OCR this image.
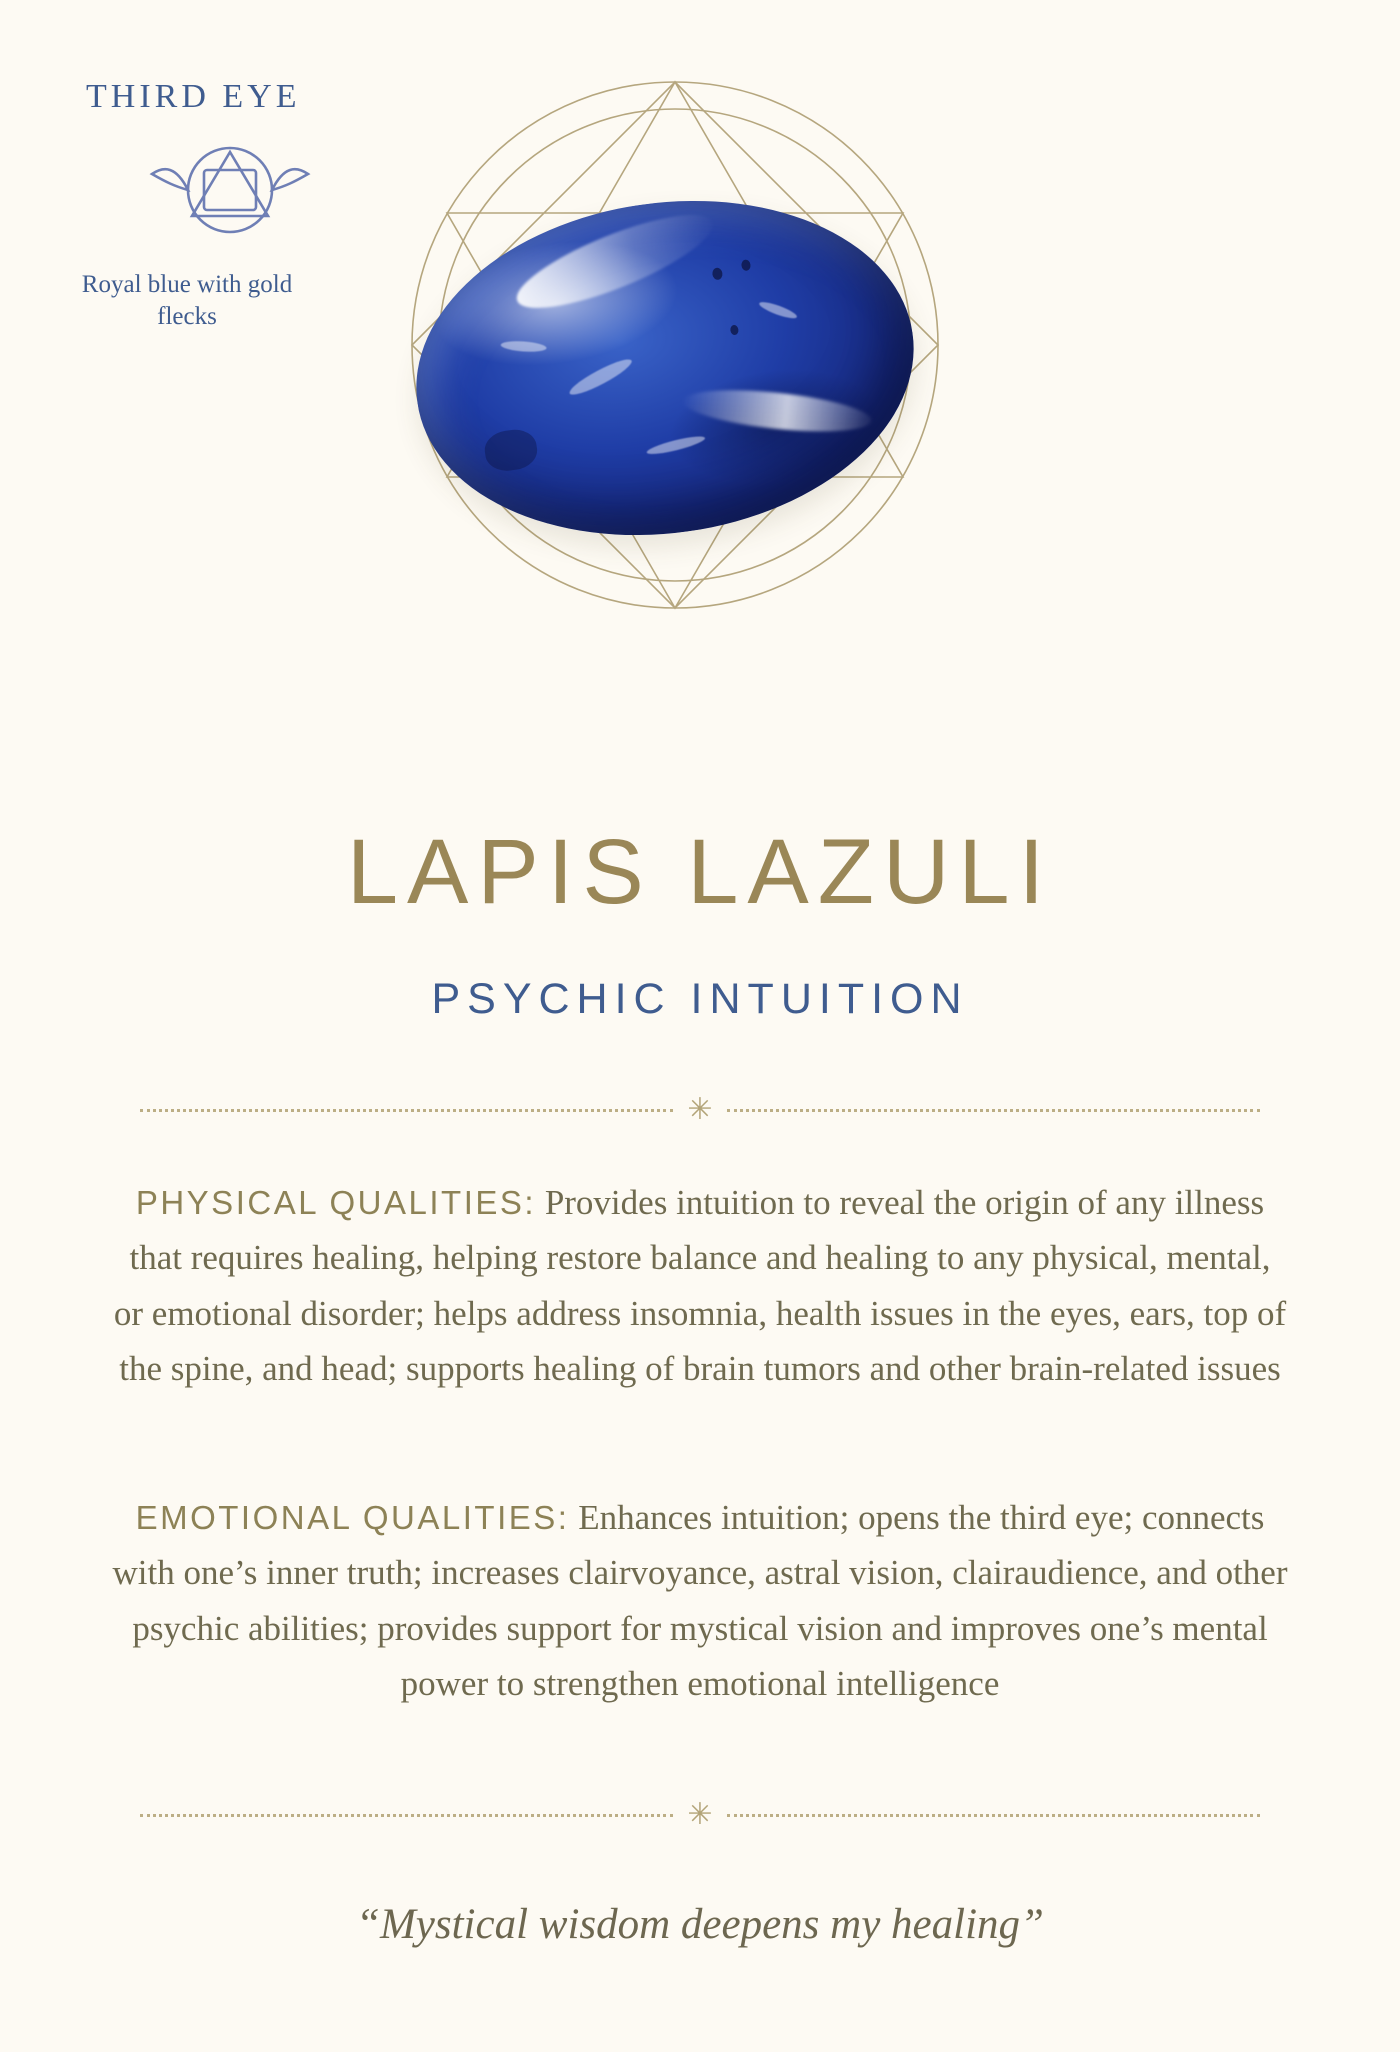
THIRD EYE
Royal blue with gold flecks
LAPIS LAZULI
PSYCHIC INTUITION
✳
PHYSICAL QUALITIES: Provides intuition to reveal the origin of any illness that requires healing, helping restore balance and healing to any physical, mental, or emotional disorder; helps address insomnia, health issues in the eyes, ears, top of the spine, and head; supports healing of brain tumors and other brain-related issues
EMOTIONAL QUALITIES: Enhances intuition; opens the third eye; connects with one’s inner truth; increases clairvoyance, astral vision, clairaudience, and other psychic abilities; provides support for mystical vision and improves one’s mental power to strengthen emotional intelligence
✳
“Mystical wisdom deepens my healing”
